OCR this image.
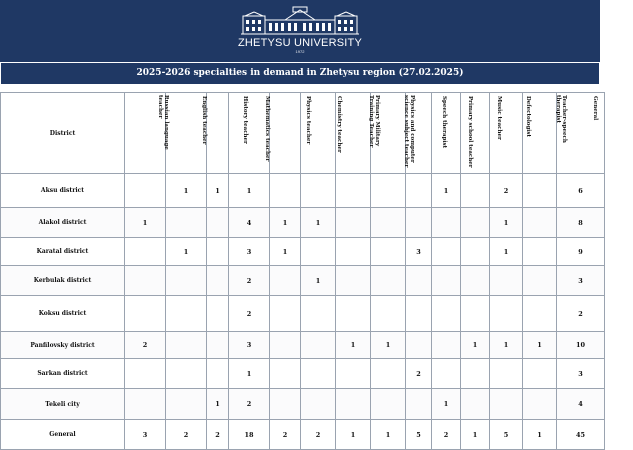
ZHETYSU UNIVERSITY
1972
2025-2026 specialties in demand in Zhetysu region (27.02.2025)
District	Russian language teacher	English teacher	History teacher	Mathematics teacher	Physics teacher	Chemistry teacher	Primary Military Training Teacher	Physics and computer science subject teacher	Speech therapist	Primary school teacher	Music teacher	Defectologist	Teacher-speech therapist	General

Aksu district		1	1	1						1		2		6
Alakol district	1			4	1	1						1		8
Karatal district		1		3	1				3			1		9
Kerbulak district				2		1								3
Koksu district				2										2
Panfilovsky district	2			3			1	1			1	1	1	10
Sarkan district				1					2					3
Tekeli city			1	2						1				4
General	3	2	2	18	2	2	1	1	5	2	1	5	1	45
